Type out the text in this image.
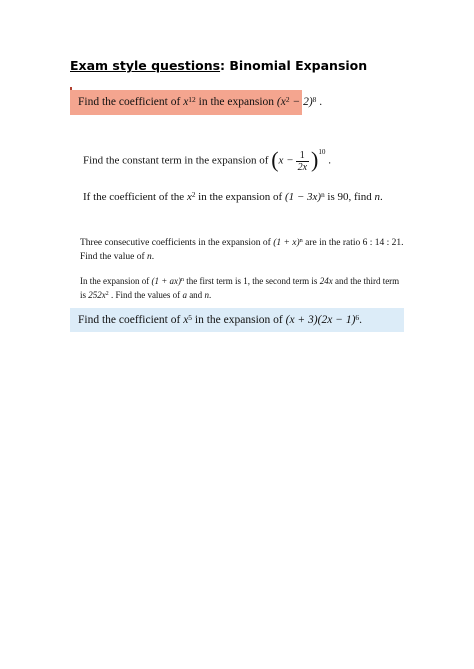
Exam style questions: Binomial Expansion
Find the coefficient of $x^{12}$ in the expansion $(x^2 - 2)^8$ .
Find the constant term in the expansion of $(x - \frac{1}{2x} )^{10}$ .
If the coefficient of the $x^2$ in the expansion of $(1 - 3x)^n$ is 90, find n.
Three consecutive coefficients in the expansion of $(1 + x)^n$ are in the ratio 6 : 14 : 21.
Find the value of n.
In the expansion of (1 + ax)$^n$ the first term is 1, the second term is 24x and the third term
is $252x^2$ . Find the values of a and n.
Find the coefficient of $x^5$ in the expansion of $(x + 3)(2x - 1)^6$.
